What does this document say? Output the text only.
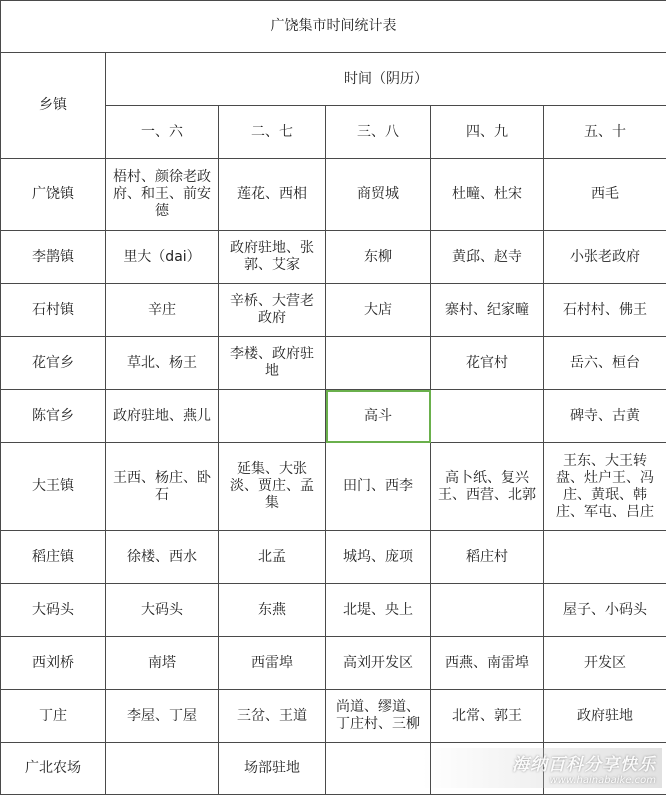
广饶集市时间统计表					
乡镇	时间（阴历）				
	一、六	二、七	三、八	四、九	五、十
广饶镇	梧村、颜徐老政府、和王、前安德	莲花、西相	商贸城	杜疃、杜宋	西毛
李鹊镇	里大（dai）	政府驻地、张郭、艾家	东柳	黄邱、赵寺	小张老政府
石村镇	辛庄	辛桥、大营老政府	大店	寨村、纪家疃	石村村、佛王
花官乡	草北、杨王	李楼、政府驻地		花官村	岳六、桓台
陈官乡	政府驻地、燕儿		高斗		碑寺、古黄
大王镇	王西、杨庄、卧石	延集、大张淡、贾庄、孟集	田门、西李	高卜纸、复兴王、西营、北郭	王东、大王转盘、灶户王、冯庄、黄珉、韩庄、军屯、吕庄
稻庄镇	徐楼、西水	北孟	城坞、庞项	稻庄村	
大码头	大码头	东燕	北堤、央上		屋子、小码头
西刘桥	南塔	西雷埠	高刘开发区	西燕、南雷埠	开发区
丁庄	李屋、丁屋	三岔、王道	尚道、缪道、丁庄村、三柳	北常、郭王	政府驻地
广北农场		场部驻地				海纳百科分享快乐
www.hainabaike.com
